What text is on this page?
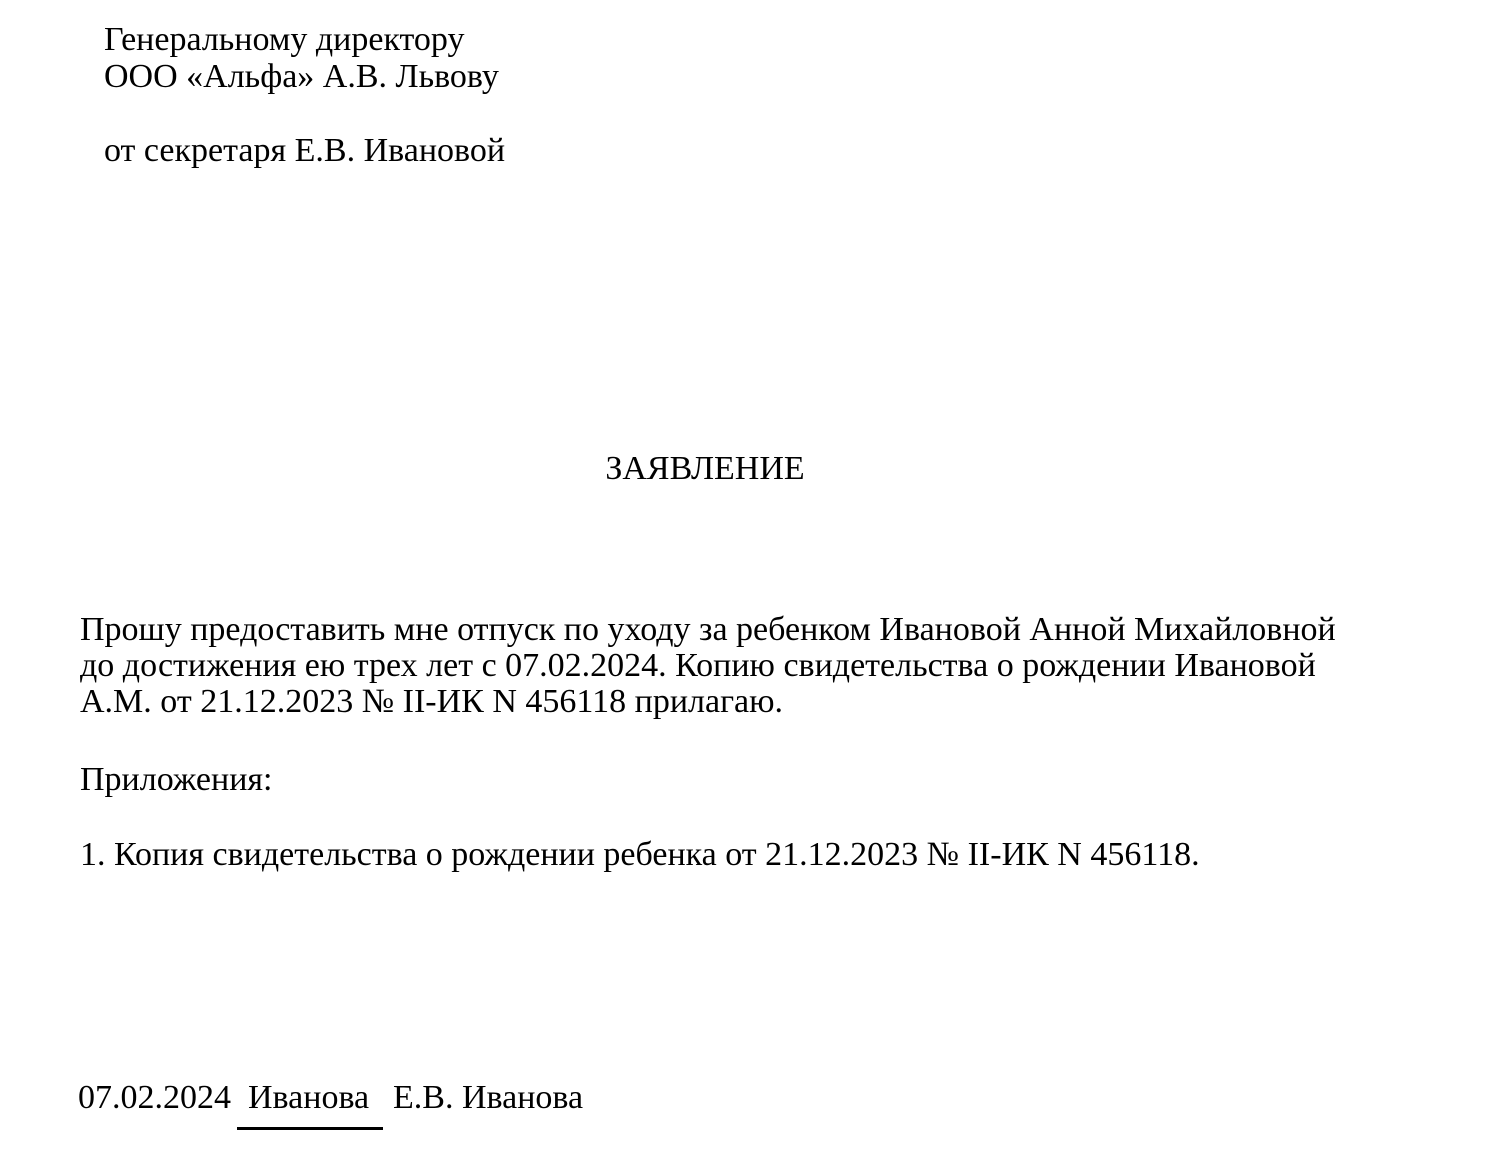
Генеральному директору
ООО «Альфа» А.В. Львову
от секретаря Е.В. Ивановой
ЗАЯВЛЕНИЕ
Прошу предоставить мне отпуск по уходу за ребенком Ивановой Анной Михайловной
до достижения ею трех лет с 07.02.2024. Копию свидетельства о рождении Ивановой
А.М. от 21.12.2023 № II-ИК N 456118 прилагаю.
Приложения:
1. Копия свидетельства о рождении ребенка от 21.12.2023 № II-ИК N 456118.
07.02.2024 Иванова Е.В. Иванова
